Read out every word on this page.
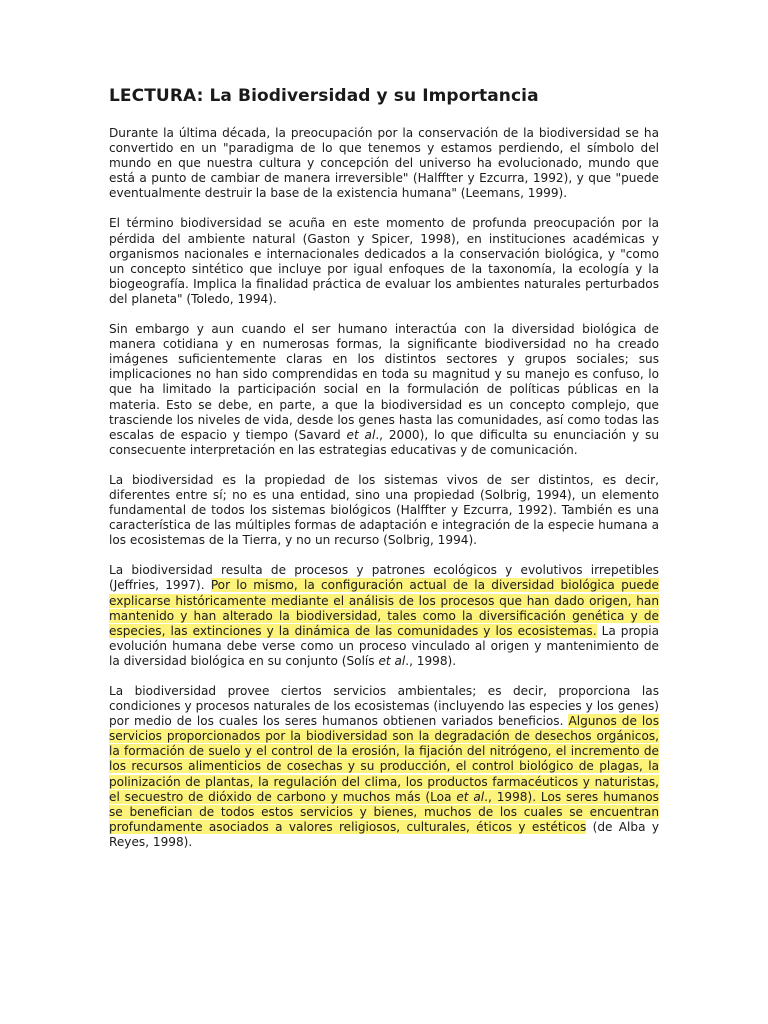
LECTURA: La Biodiversidad y su Importancia

Durante la última década, la preocupación por la conservación de la biodiversidad se ha convertido en un "paradigma de lo que tenemos y estamos perdiendo, el símbolo del mundo en que nuestra cultura y concepción del universo ha evolucionado, mundo que está a punto de cambiar de manera irreversible" (Halffter y Ezcurra, 1992), y que "puede eventualmente destruir la base de la existencia humana" (Leemans, 1999).

El término biodiversidad se acuña en este momento de profunda preocupación por la pérdida del ambiente natural (Gaston y Spicer, 1998), en instituciones académicas y organismos nacionales e internacionales dedicados a la conservación biológica, y "como un concepto sintético que incluye por igual enfoques de la taxonomía, la ecología y la biogeografía. Implica la finalidad práctica de evaluar los ambientes naturales perturbados del planeta" (Toledo, 1994).

Sin embargo y aun cuando el ser humano interactúa con la diversidad biológica de manera cotidiana y en numerosas formas, la significante biodiversidad no ha creado imágenes suficientemente claras en los distintos sectores y grupos sociales; sus implicaciones no han sido comprendidas en toda su magnitud y su manejo es confuso, lo que ha limitado la participación social en la formulación de políticas públicas en la materia. Esto se debe, en parte, a que la biodiversidad es un concepto complejo, que trasciende los niveles de vida, desde los genes hasta las comunidades, así como todas las escalas de espacio y tiempo (Savard et al., 2000), lo que dificulta su enunciación y su consecuente interpretación en las estrategias educativas y de comunicación.

La biodiversidad es la propiedad de los sistemas vivos de ser distintos, es decir, diferentes entre sí; no es una entidad, sino una propiedad (Solbrig, 1994), un elemento fundamental de todos los sistemas biológicos (Halffter y Ezcurra, 1992). También es una característica de las múltiples formas de adaptación e integración de la especie humana a los ecosistemas de la Tierra, y no un recurso (Solbrig, 1994).

La biodiversidad resulta de procesos y patrones ecológicos y evolutivos irrepetibles (Jeffries, 1997). Por lo mismo, la configuración actual de la diversidad biológica puede explicarse históricamente mediante el análisis de los procesos que han dado origen, han mantenido y han alterado la biodiversidad, tales como la diversificación genética y de especies, las extinciones y la dinámica de las comunidades y los ecosistemas. La propia evolución humana debe verse como un proceso vinculado al origen y mantenimiento de la diversidad biológica en su conjunto (Solís et al., 1998).

La biodiversidad provee ciertos servicios ambientales; es decir, proporciona las condiciones y procesos naturales de los ecosistemas (incluyendo las especies y los genes) por medio de los cuales los seres humanos obtienen variados beneficios. Algunos de los servicios proporcionados por la biodiversidad son la degradación de desechos orgánicos, la formación de suelo y el control de la erosión, la fijación del nitrógeno, el incremento de los recursos alimenticios de cosechas y su producción, el control biológico de plagas, la polinización de plantas, la regulación del clima, los productos farmacéuticos y naturistas, el secuestro de dióxido de carbono y muchos más (Loa et al., 1998). Los seres humanos se benefician de todos estos servicios y bienes, muchos de los cuales se encuentran profundamente asociados a valores religiosos, culturales, éticos y estéticos (de Alba y Reyes, 1998).
